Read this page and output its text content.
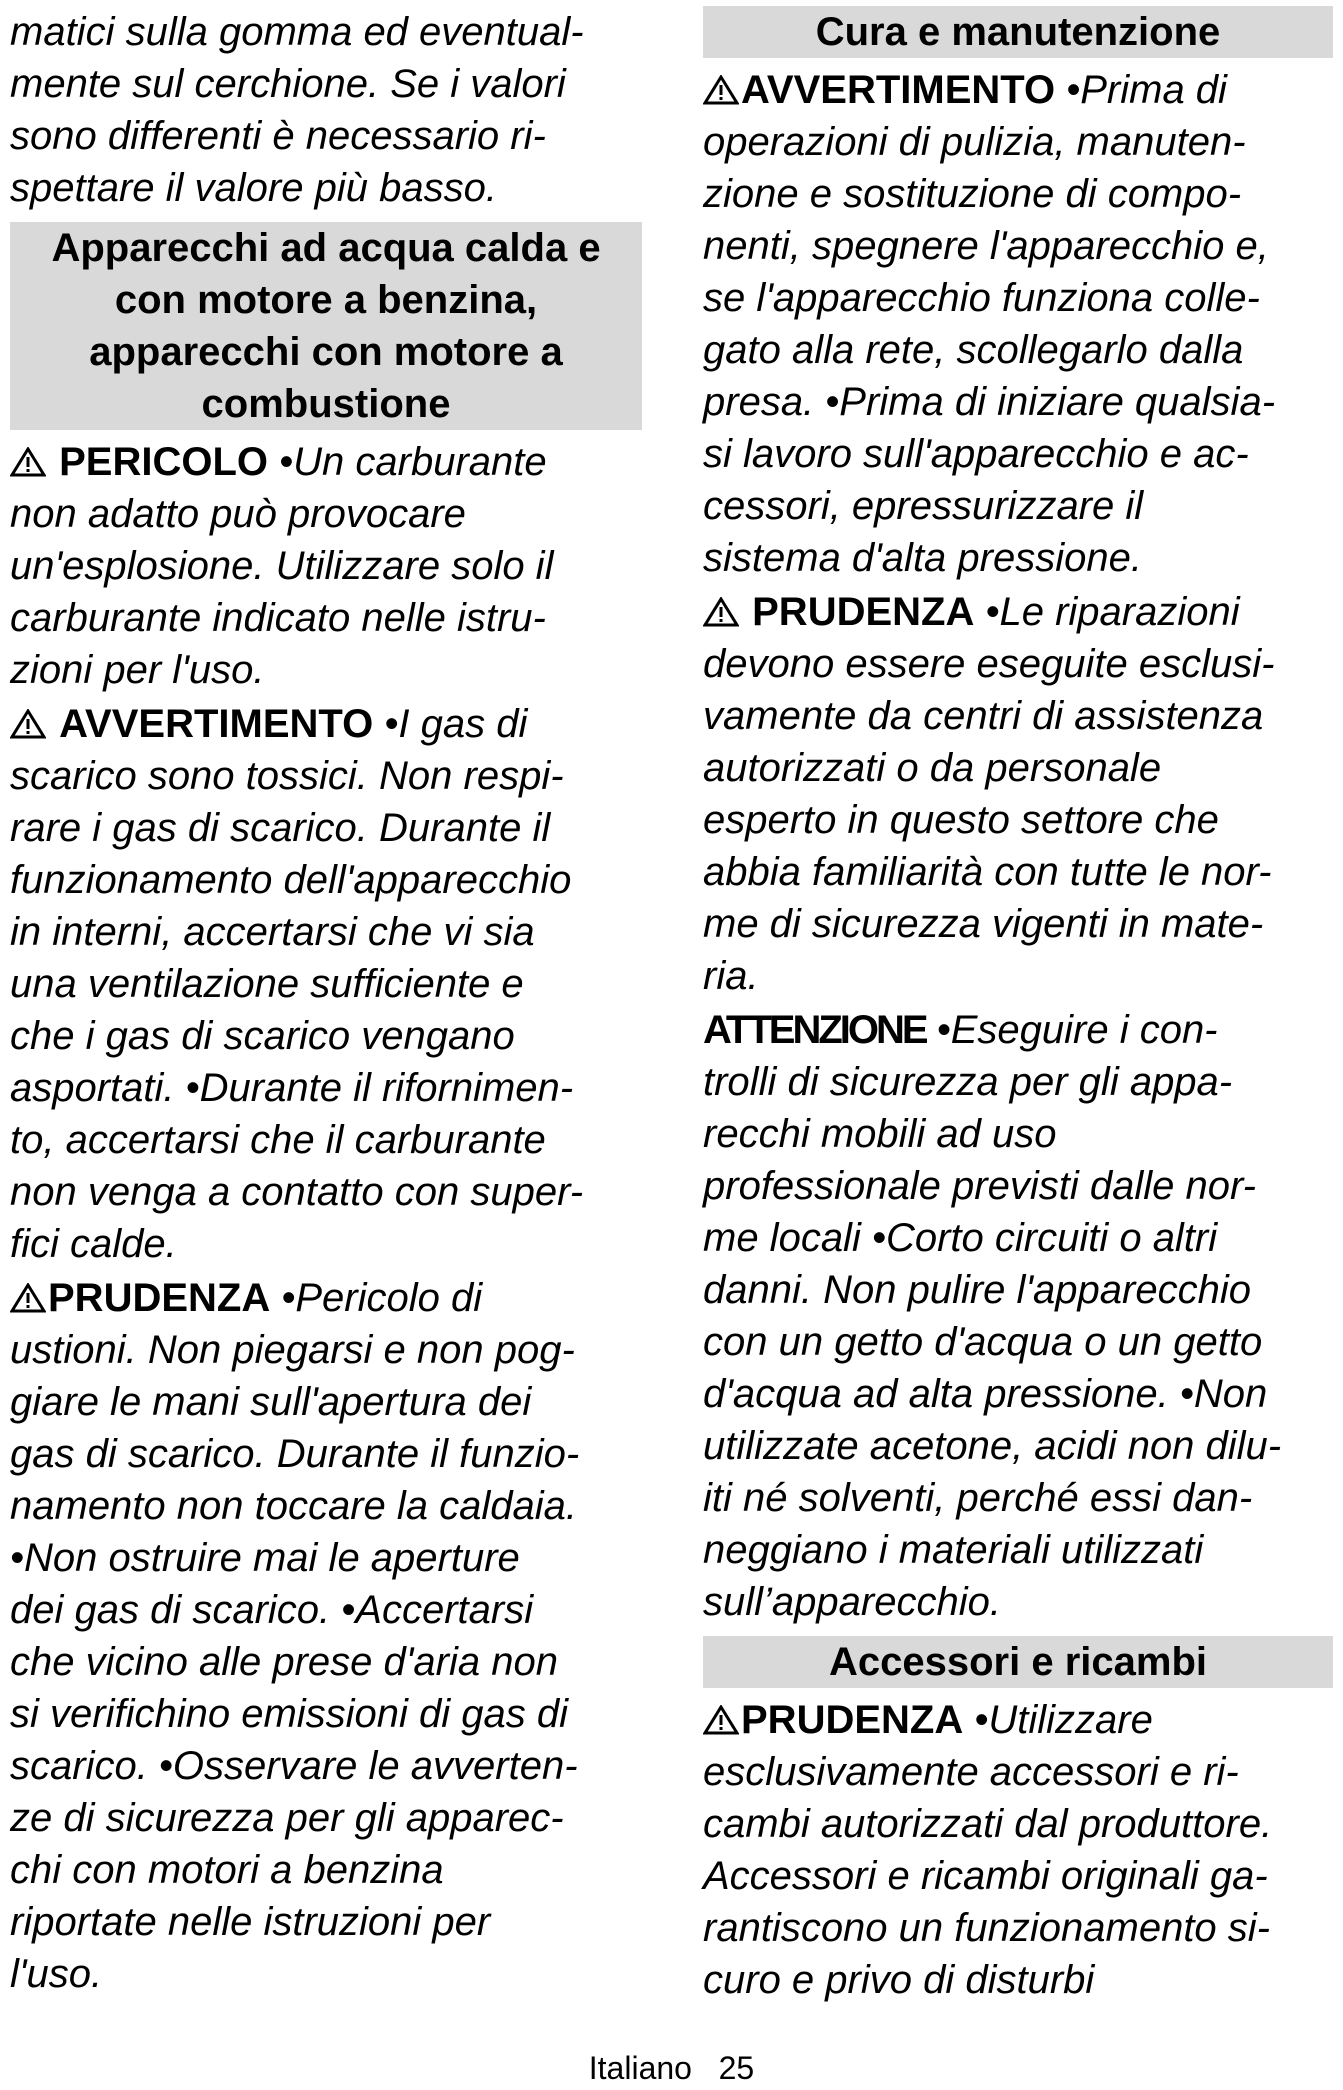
matici sulla gomma ed eventual-
mente sul cerchione. Se i valori
sono differenti è necessario ri-
spettare il valore più basso.

Apparecchi ad acqua calda e
con motore a benzina,
apparecchi con motore a
combustione

PERICOLO •Un carburante
non adatto può provocare
un'esplosione. Utilizzare solo il
carburante indicato nelle istru-
zioni per l'uso.

AVVERTIMENTO •I gas di
scarico sono tossici. Non respi-
rare i gas di scarico. Durante il
funzionamento dell'apparecchio
in interni, accertarsi che vi sia
una ventilazione sufficiente e
che i gas di scarico vengano
asportati. •Durante il rifornimen-
to, accertarsi che il carburante
non venga a contatto con super-
fici calde.

PRUDENZA •Pericolo di
ustioni. Non piegarsi e non pog-
giare le mani sull'apertura dei
gas di scarico. Durante il funzio-
namento non toccare la caldaia.
•Non ostruire mai le aperture
dei gas di scarico. •Accertarsi
che vicino alle prese d'aria non
si verifichino emissioni di gas di
scarico. •Osservare le avverten-
ze di sicurezza per gli apparec-
chi con motori a benzina
riportate nelle istruzioni per
l'uso.

Cura e manutenzione

AVVERTIMENTO •Prima di
operazioni di pulizia, manuten-
zione e sostituzione di compo-
nenti, spegnere l'apparecchio e,
se l'apparecchio funziona colle-
gato alla rete, scollegarlo dalla
presa. •Prima di iniziare qualsia-
si lavoro sull'apparecchio e ac-
cessori, epressurizzare il
sistema d'alta pressione.

PRUDENZA •Le riparazioni
devono essere eseguite esclusi-
vamente da centri di assistenza
autorizzati o da personale
esperto in questo settore che
abbia familiarità con tutte le nor-
me di sicurezza vigenti in mate-
ria.

ATTENZIONE •Eseguire i con-
trolli di sicurezza per gli appa-
recchi mobili ad uso
professionale previsti dalle nor-
me locali •Corto circuiti o altri
danni. Non pulire l'apparecchio
con un getto d'acqua o un getto
d'acqua ad alta pressione. •Non
utilizzate acetone, acidi non dilu-
iti né solventi, perché essi dan-
neggiano i materiali utilizzati
sull’apparecchio.

Accessori e ricambi

PRUDENZA •Utilizzare
esclusivamente accessori e ri-
cambi autorizzati dal produttore.
Accessori e ricambi originali ga-
rantiscono un funzionamento si-
curo e privo di disturbi

Italiano 25
